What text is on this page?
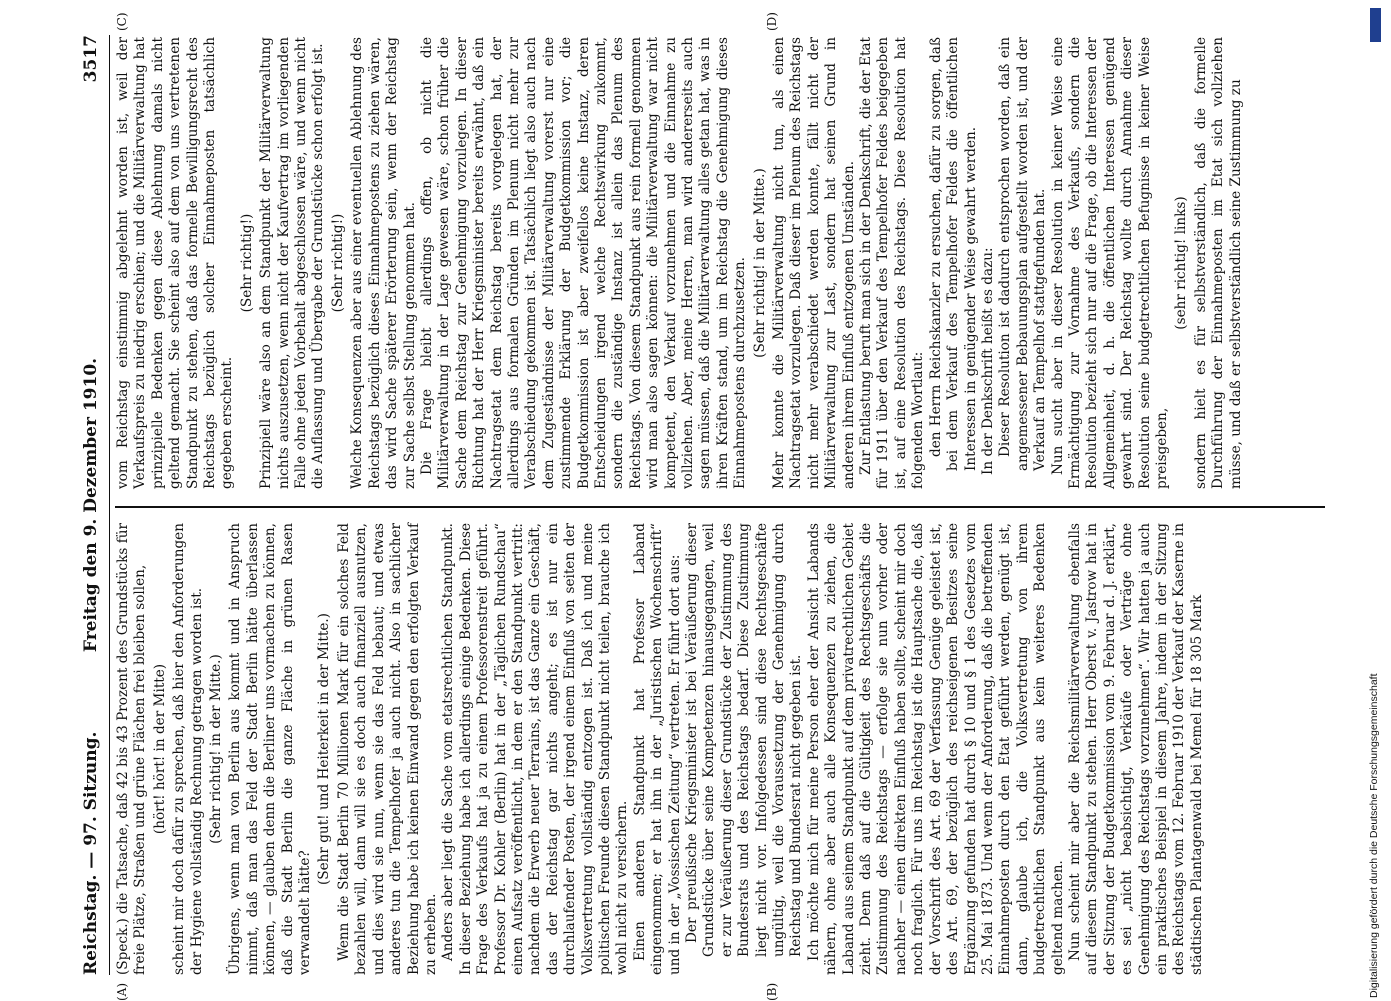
Reichstag. — 97. Sitzung.
Freitag den 9. Dezember 1910.
3517
(A)	(B)
(C)	(D)

(Speck.) die Tatsache, daß 42 bis 43 Prozent des Grundstücks für freie Plätze, Straßen und grüne Flächen frei bleiben sollen, (hört! hört! in der Mitte) scheint mir doch dafür zu sprechen, daß hier den Anforderungen der Hygiene vollständig Rechnung getragen worden ist. (Sehr richtig! in der Mitte.) Übrigens, wenn man von Berlin aus kommt und in Anspruch nimmt, daß man das Feld der Stadt Berlin hätte überlassen können, — glauben denn die Berliner uns vormachen zu können, daß die Stadt Berlin die ganze Fläche in grünen Rasen verwandelt hätte?

(Sehr gut! und Heiterkeit in der Mitte.) Wenn die Stadt Berlin 70 Millionen Mark für ein solches Feld bezahlen will, dann will sie es doch auch finanziell ausnutzen, und dies wird sie nun, wenn sie das Feld bebaut; und etwas anderes tun die Tempelhofer ja auch nicht. Also in sachlicher Beziehung habe ich keinen Einwand gegen den erfolgten Verkauf zu erheben. Anders aber liegt die Sache vom etatsrechtlichen Standpunkt. In dieser Beziehung habe ich allerdings einige Bedenken. Diese Frage des Verkaufs hat ja zu einem Professorenstreit geführt. Professor Dr. Kohler (Berlin) hat in der „Täglichen Rundschau“ einen Aufsatz veröffentlicht, in dem er den Standpunkt vertritt: nachdem die Erwerb neuer Terrains, ist das Ganze ein Geschäft, das der Reichstag gar nichts angeht; es ist nur ein durchlaufender Posten, der irgend einem Einfluß von seiten der Volksvertretung vollständig entzogen ist. Daß ich und meine politischen Freunde diesen Standpunkt nicht teilen, brauche ich wohl nicht zu versichern. Einen anderen Standpunkt hat Professor Laband eingenommen; er hat ihn in der „Juristischen Wochenschrift“ und in der „Vossischen Zeitung“ vertreten. Er führt dort aus: Der preußische Kriegsminister ist bei Veräußerung dieser Grundstücke über seine Kompetenzen hinausgegangen, weil er zur Veräußerung dieser Grundstücke der Zustimmung des Bundesrats und des Reichstags bedarf. Diese Zustimmung liegt nicht vor. Infolgedessen sind diese Rechtsgeschäfte ungültig, weil die Voraussetzung der Genehmigung durch Reichstag und Bundesrat nicht gegeben ist. Ich möchte mich für meine Person eher der Ansicht Labands nähern, ohne aber auch alle Konsequenzen zu ziehen, die Laband aus seinem Standpunkt auf dem privatrechtlichen Gebiet zieht. Denn daß auf die Gültigkeit des Rechtsgeschäfts die Zustimmung des Reichstags — erfolge sie nun vorher oder nachher — einen direkten Einfluß haben sollte, scheint mir doch noch fraglich. Für uns im Reichstag ist die Hauptsache die, daß der Vorschrift des Art. 69 der Verfassung Genüge geleistet ist, des Art. 69, der bezüglich des reichseigenen Besitzes seine Ergänzung gefunden hat durch § 10 und § 1 des Gesetzes vom 25. Mai 1873. Und wenn der Anforderung, daß die betreffenden Einnahmeposten durch den Etat geführt werden, genügt ist, dann, glaube ich, die Volksvertretung von ihrem budgetrechtlichen Standpunkt aus kein weiteres Bedenken geltend machen. Nun scheint mir aber die Reichsmilitärverwaltung ebenfalls auf diesem Standpunkt zu stehen. Herr Oberst v. Jastrow hat in der Sitzung der Budgetkommission vom 9. Februar d. J. erklärt, es sei „nicht beabsichtigt, Verkäufe oder Verträge ohne Genehmigung des Reichstags vorzunehmen“. Wir hatten ja auch ein praktisches Beispiel in diesem Jahre, indem in der Sitzung des Reichstags vom 12. Februar 1910 der Verkauf der Kaserne in städtischen Plantagenwald bei Memel für 18 305 Mark

vom Reichstag einstimmig abgelehnt worden ist, weil der Verkaufspreis zu niedrig erschien; und die Militärverwaltung hat prinzipielle Bedenken gegen diese Ablehnung damals nicht geltend gemacht. Sie scheint also auf dem von uns vertretenen Standpunkt zu stehen, daß das formelle Bewilligungsrecht des Reichstags bezüglich solcher Einnahmeposten tatsächlich gegeben erscheint.

(Sehr richtig!) Prinzipiell wäre also an dem Standpunkt der Militärverwaltung nichts auszusetzen, wenn nicht der Kaufvertrag im vorliegenden Falle ohne jeden Vorbehalt abgeschlossen wäre, und wenn nicht die Auflassung und Übergabe der Grundstücke schon erfolgt ist. (Sehr richtig!) Welche Konsequenzen aber aus einer eventuellen Ablehnung des Reichstags bezüglich dieses Einnahmepostens zu ziehen wären, das wird Sache späterer Erörterung sein, wenn der Reichstag zur Sache selbst Stellung genommen hat. Die Frage bleibt allerdings offen, ob nicht die Militärverwaltung in der Lage gewesen wäre, schon früher die Sache dem Reichstag zur Genehmigung vorzulegen. In dieser Richtung hat der Herr Kriegsminister bereits erwähnt, daß ein Nachtragsetat dem Reichstag bereits vorgelegen hat, der allerdings aus formalen Gründen im Plenum nicht mehr zur Verabschiedung gekommen ist. Tatsächlich liegt also auch nach dem Zugeständnisse der Militärverwaltung vorerst nur eine zustimmende Erklärung der Budgetkommission vor; die Budgetkommission ist aber zweifellos keine Instanz, deren Entscheidungen irgend welche Rechtswirkung zukommt, sondern die zuständige Instanz ist allein das Plenum des Reichstags. Von diesem Standpunkt aus rein formell genommen wird man also sagen können: die Militärverwaltung war nicht kompetent, den Verkauf vorzunehmen und die Einnahme zu vollziehen. Aber, meine Herren, man wird andererseits auch sagen müssen, daß die Militärverwaltung alles getan hat, was in ihren Kräften stand, um im Reichstag die Genehmigung dieses Einnahmepostens durchzusetzen. (Sehr richtig! in der Mitte.) Mehr konnte die Militärverwaltung nicht tun, als einen Nachtragsetat vorzulegen. Daß dieser im Plenum des Reichstags nicht mehr verabschiedet werden konnte, fällt nicht der Militärverwaltung zur Last, sondern hat seinen Grund in anderen ihrem Einfluß entzogenen Umständen. Zur Entlastung beruft man sich in der Denkschrift, die der Etat für 1911 über den Verkauf des Tempelhofer Feldes beigegeben ist, auf eine Resolution des Reichstags. Diese Resolution hat folgenden Wortlaut: den Herrn Reichskanzler zu ersuchen, dafür zu sorgen, daß bei dem Verkauf des Tempelhofer Feldes die öffentlichen Interessen in genügender Weise gewahrt werden. In der Denkschrift heißt es dazu: Dieser Resolution ist dadurch entsprochen worden, daß ein angemessener Bebauungsplan aufgestellt worden ist, und der Verkauf an Tempelhof stattgefunden hat. Nun sucht aber in dieser Resolution in keiner Weise eine Ermächtigung zur Vornahme des Verkaufs, sondern die Resolution bezieht sich nur auf die Frage, ob die Interessen der Allgemeinheit, d. h. die öffentlichen Interessen genügend gewahrt sind. Der Reichstag wollte durch Annahme dieser Resolution seine budgetrechtlichen Befugnisse in keiner Weise preisgeben,

(sehr richtig! links) sondern hielt es für selbstverständlich, daß die formelle Durchführung der Einnahmeposten im Etat sich vollziehen müsse, und daß er selbstverständlich seine Zustimmung zu

Digitalisierung gefördert durch die Deutsche Forschungsgemeinschaft
DFG
